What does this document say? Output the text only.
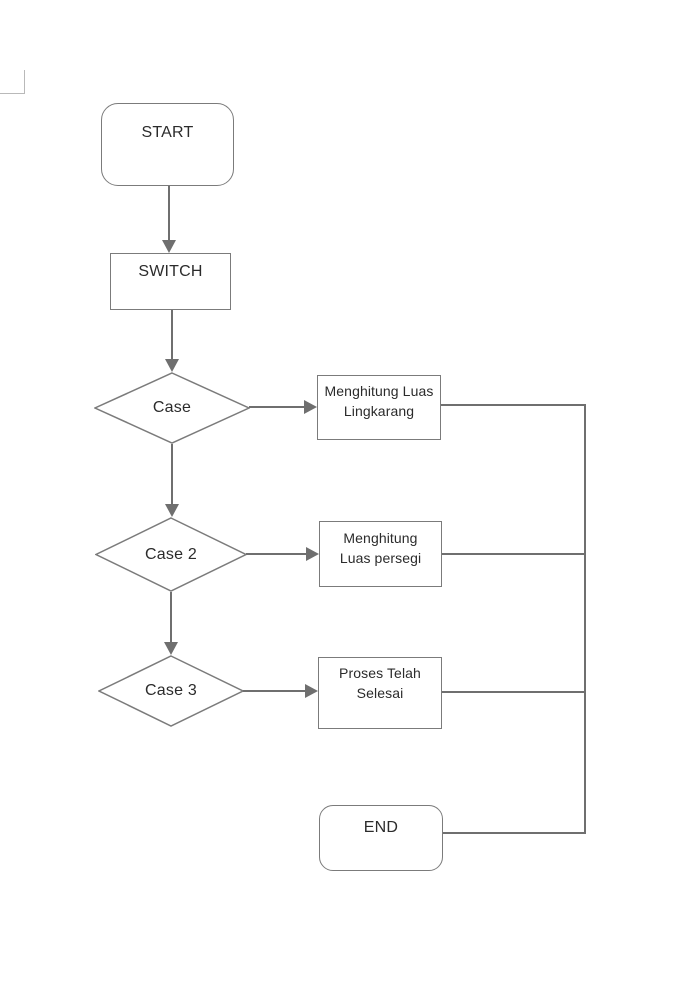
START
SWITCH
Case
Menghitung Luas
Lingkarang
Case 2
Menghitung
Luas persegi
Case 3
Proses Telah
Selesai
END
